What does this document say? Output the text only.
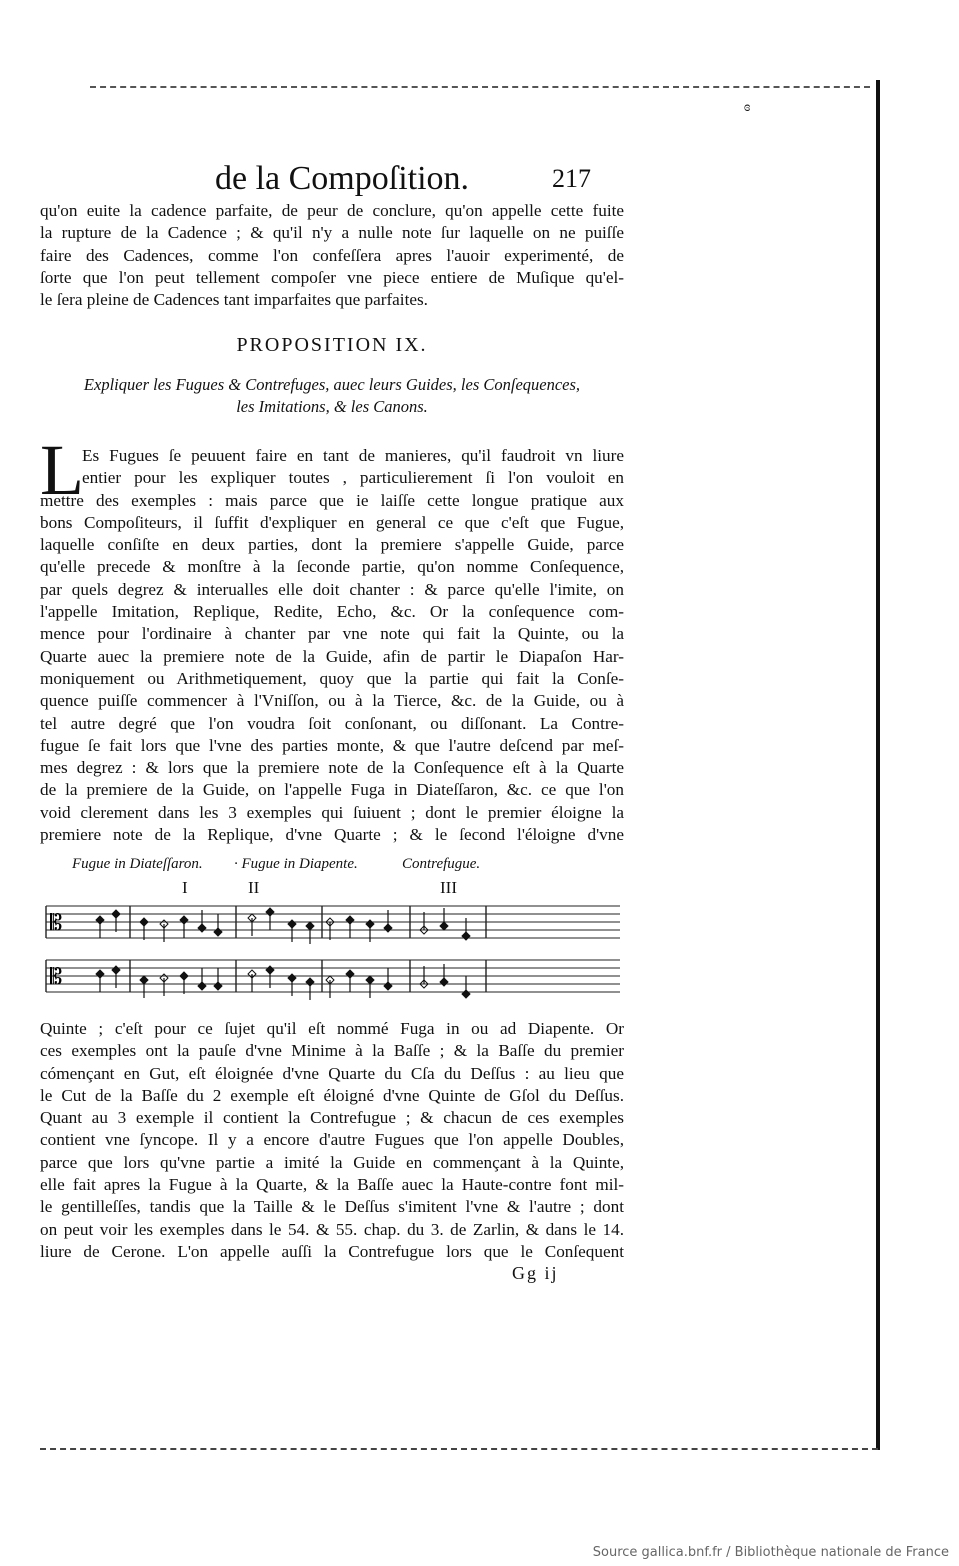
ɞ
de la Compoſition.	217
qu'on euite la cadence parfaite, de peur de conclure, qu'on appelle cette fuite
la rupture de la Cadence ; & qu'il n'y a nulle note ſur laquelle on ne puiſſe
faire des Cadences, comme l'on confeſſera apres l'auoir experimenté, de
ſorte que l'on peut tellement compoſer vne piece entiere de Muſique qu'el-
le ſera pleine de Cadences tant imparfaites que parfaites.
PROPOSITION IX.
Expliquer les Fugues & Contrefuges, auec leurs Guides, les Conſequences,
les Imitations, & les Canons.
L
Es Fugues ſe peuuent faire en tant de manieres, qu'il faudroit vn liure
entier pour les expliquer toutes , particulierement ſi l'on vouloit en
mettre des exemples : mais parce que ie laiſſe cette longue pratique aux
bons Compoſiteurs, il ſuffit d'expliquer en general ce que c'eſt que Fugue,
laquelle conſiſte en deux parties, dont la premiere s'appelle Guide, parce
qu'elle precede & monſtre à la ſeconde partie, qu'on nomme Conſequence,
par quels degrez & interualles elle doit chanter : & parce qu'elle l'imite, on
l'appelle Imitation, Replique, Redite, Echo, &c. Or la conſequence com-
mence pour l'ordinaire à chanter par vne note qui fait la Quinte, ou la
Quarte auec la premiere note de la Guide, afin de partir le Diapaſon Har-
moniquement ou Arithmetiquement, quoy que la partie qui fait la Conſe-
quence puiſſe commencer à l'Vniſſon, ou à la Tierce, &c. de la Guide, ou à
tel autre degré que l'on voudra ſoit conſonant, ou diſſonant. La Contre-
fugue ſe fait lors que l'vne des parties monte, & que l'autre deſcend par meſ-
mes degrez : & lors que la premiere note de la Conſequence eſt à la Quarte
de la premiere de la Guide, on l'appelle Fuga in Diateſſaron, &c. ce que l'on
void clerement dans les 3 exemples qui ſuiuent ; dont le premier éloigne la
premiere note de la Replique, d'vne Quarte ; & le ſecond l'éloigne d'vne
Fugue in Diateſſaron. · Fugue in Diapente.	Contrefugue.
I	II	III
𝄡
𝄡
Quinte ; c'eſt pour ce ſujet qu'il eſt nommé Fuga in ou ad Diapente. Or
ces exemples ont la pauſe d'vne Minime à la Baſſe ; & la Baſſe du premier
cómençant en Gut, eſt éloignée d'vne Quarte du Cſa du Deſſus : au lieu que
le Cut de la Baſſe du 2 exemple eſt éloigné d'vne Quinte de Gſol du Deſſus.
Quant au 3 exemple il contient la Contrefugue ; & chacun de ces exemples
contient vne ſyncope. Il y a encore d'autre Fugues que l'on appelle Doubles,
parce que lors qu'vne partie a imité la Guide en commençant à la Quinte,
elle fait apres la Fugue à la Quarte, & la Baſſe auec la Haute-contre font mil-
le gentilleſſes, tandis que la Taille & le Deſſus s'imitent l'vne & l'autre ; dont
on peut voir les exemples dans le 54. & 55. chap. du 3. de Zarlin, & dans le 14.
liure de Cerone. L'on appelle auſſi la Contrefugue lors que le Conſequent
Gg ij
Source gallica.bnf.fr / Bibliothèque nationale de France
